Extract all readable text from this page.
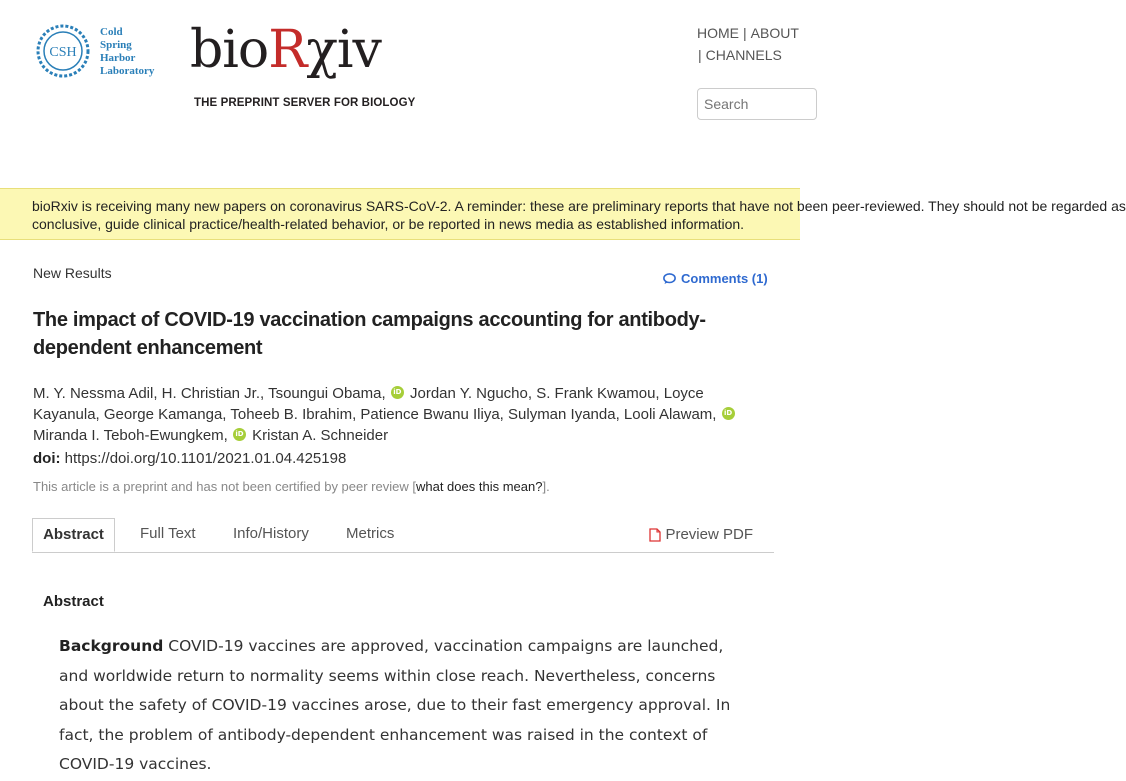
CSH
Cold
Spring
Harbor
Laboratory bioRχiv
THE PREPRINT SERVER FOR BIOLOGY
HOME | ABOUT
| CHANNELS
Search

bioRxiv is receiving many new papers on coronavirus SARS-CoV-2. A reminder: these are preliminary reports that have not been peer-reviewed. They should not be regarded as
conclusive, guide clinical practice/health-related behavior, or be reported in news media as established information.

New Results	Comments (1)
The impact of COVID-19 vaccination campaigns accounting for antibody-dependent enhancement
M. Y. Nessma Adil, H. Christian Jr., Tsoungui Obama, iD Jordan Y. Ngucho, S. Frank Kwamou, Loyce Kayanula, George Kamanga, Toheeb B. Ibrahim, Patience Bwanu Iliya, Sulyman Iyanda, Looli Alawam, iD Miranda I. Teboh-Ewungkem, iD Kristan A. Schneider
doi: https://doi.org/10.1101/2021.01.04.425198
This article is a preprint and has not been certified by peer review [what does this mean?].
Abstract	Full Text Info/History Metrics	Preview PDF
Abstract

Background COVID-19 vaccines are approved, vaccination campaigns are launched, and worldwide return to normality seems within close reach. Nevertheless, concerns about the safety of COVID-19 vaccines arose, due to their fast emergency approval. In fact, the problem of antibody-dependent enhancement was raised in the context of COVID-19 vaccines.
